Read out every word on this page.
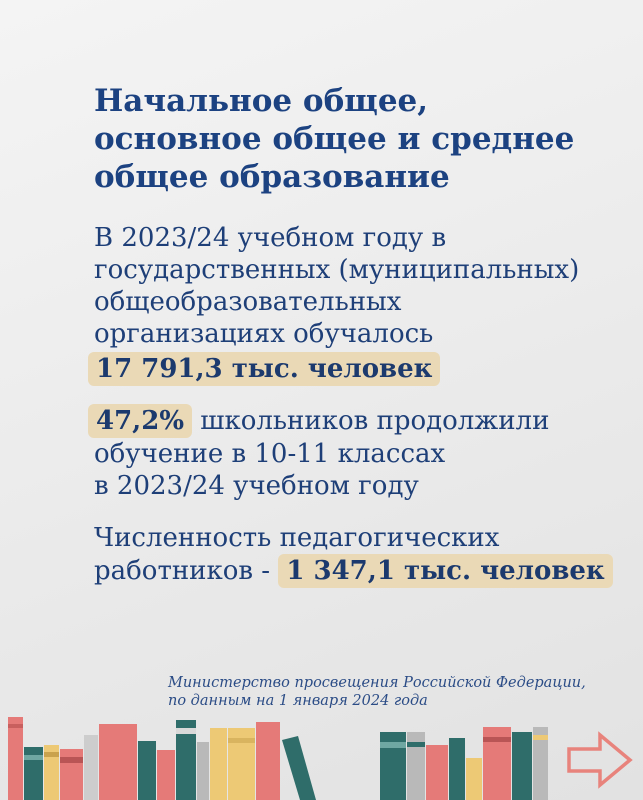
Начальное общее,
основное общее и среднее
общее образование
В 2023/24 учебном году в
государственных (муниципальных)
общеобразовательных
организациях обучалось
17 791,3 тыс. человек
47,2% школьников продолжили
обучение в 10-11 классах
в 2023/24 учебном году
Численность педагогических
работников - 1 347,1 тыс. человек
Министерство просвещения Российской Федерации,
по данным на 1 января 2024 года
